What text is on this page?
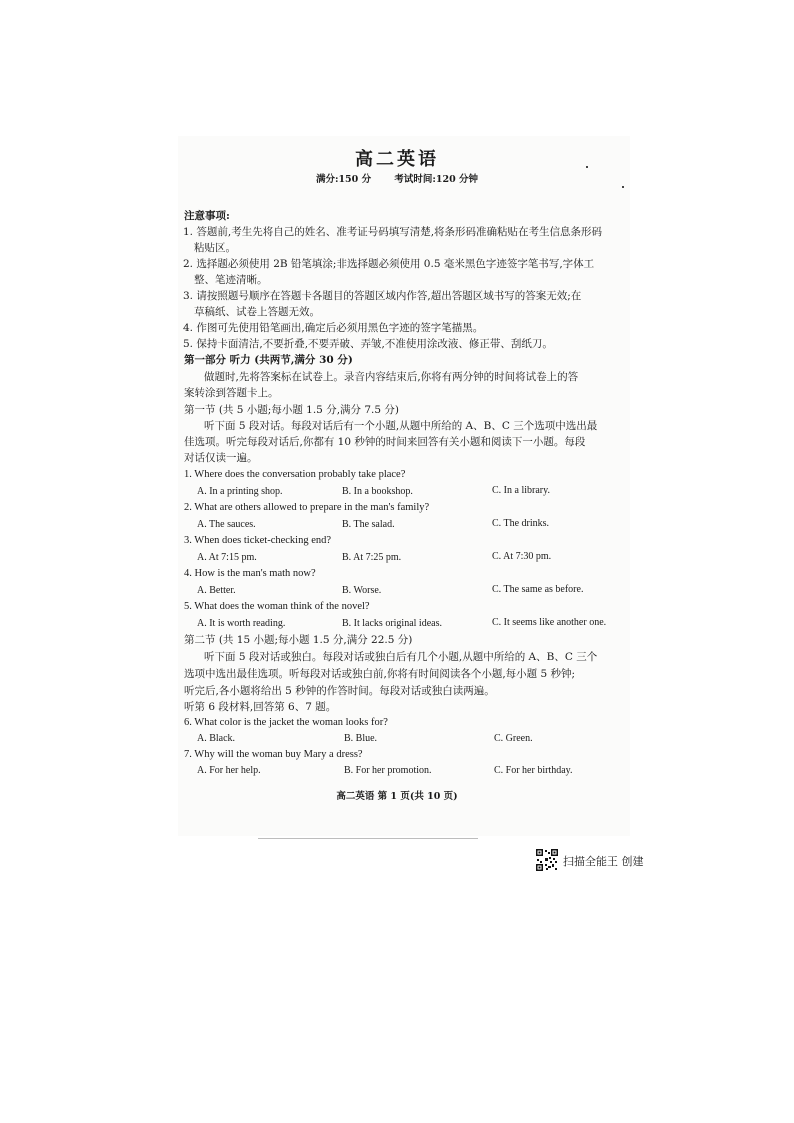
高二英语
满分:150 分 考试时间:120 分钟
注意事项:
1. 答题前,考生先将自己的姓名、准考证号码填写清楚,将条形码准确粘贴在考生信息条形码
粘贴区。
2. 选择题必须使用 2B 铅笔填涂;非选择题必须使用 0.5 毫米黑色字迹签字笔书写,字体工
整、笔迹清晰。
3. 请按照题号顺序在答题卡各题目的答题区域内作答,超出答题区域书写的答案无效;在
草稿纸、试卷上答题无效。
4. 作图可先使用铅笔画出,确定后必须用黑色字迹的签字笔描黑。
5. 保持卡面清洁,不要折叠,不要弄破、弄皱,不准使用涂改液、修正带、刮纸刀。
第一部分 听力 (共两节,满分 30 分)
做题时,先将答案标在试卷上。录音内容结束后,你将有两分钟的时间将试卷上的答
案转涂到答题卡上。
第一节 (共 5 小题;每小题 1.5 分,满分 7.5 分)
听下面 5 段对话。每段对话后有一个小题,从题中所给的 A、B、C 三个选项中选出最
佳选项。听完每段对话后,你都有 10 秒钟的时间来回答有关小题和阅读下一小题。每段
对话仅读一遍。
1. Where does the conversation probably take place?
A. In a printing shop.	B. In a bookshop.	C. In a library.
2. What are others allowed to prepare in the man's family?
A. The sauces.	B. The salad.	C. The drinks.
3. When does ticket-checking end?
A. At 7:15 pm.	B. At 7:25 pm.	C. At 7:30 pm.
4. How is the man's math now?
A. Better.	B. Worse.	C. The same as before.
5. What does the woman think of the novel?
A. It is worth reading.	B. It lacks original ideas.	C. It seems like another one.
第二节 (共 15 小题;每小题 1.5 分,满分 22.5 分)
听下面 5 段对话或独白。每段对话或独白后有几个小题,从题中所给的 A、B、C 三个
选项中选出最佳选项。听每段对话或独白前,你将有时间阅读各个小题,每小题 5 秒钟;
听完后,各小题将给出 5 秒钟的作答时间。每段对话或独白读两遍。
听第 6 段材料,回答第 6、7 题。
6. What color is the jacket the woman looks for?
A. Black.	B. Blue.	C. Green.
7. Why will the woman buy Mary a dress?
A. For her help.	B. For her promotion.	C. For her birthday.
高二英语 第 1 页(共 10 页)
扫描全能王 创建
